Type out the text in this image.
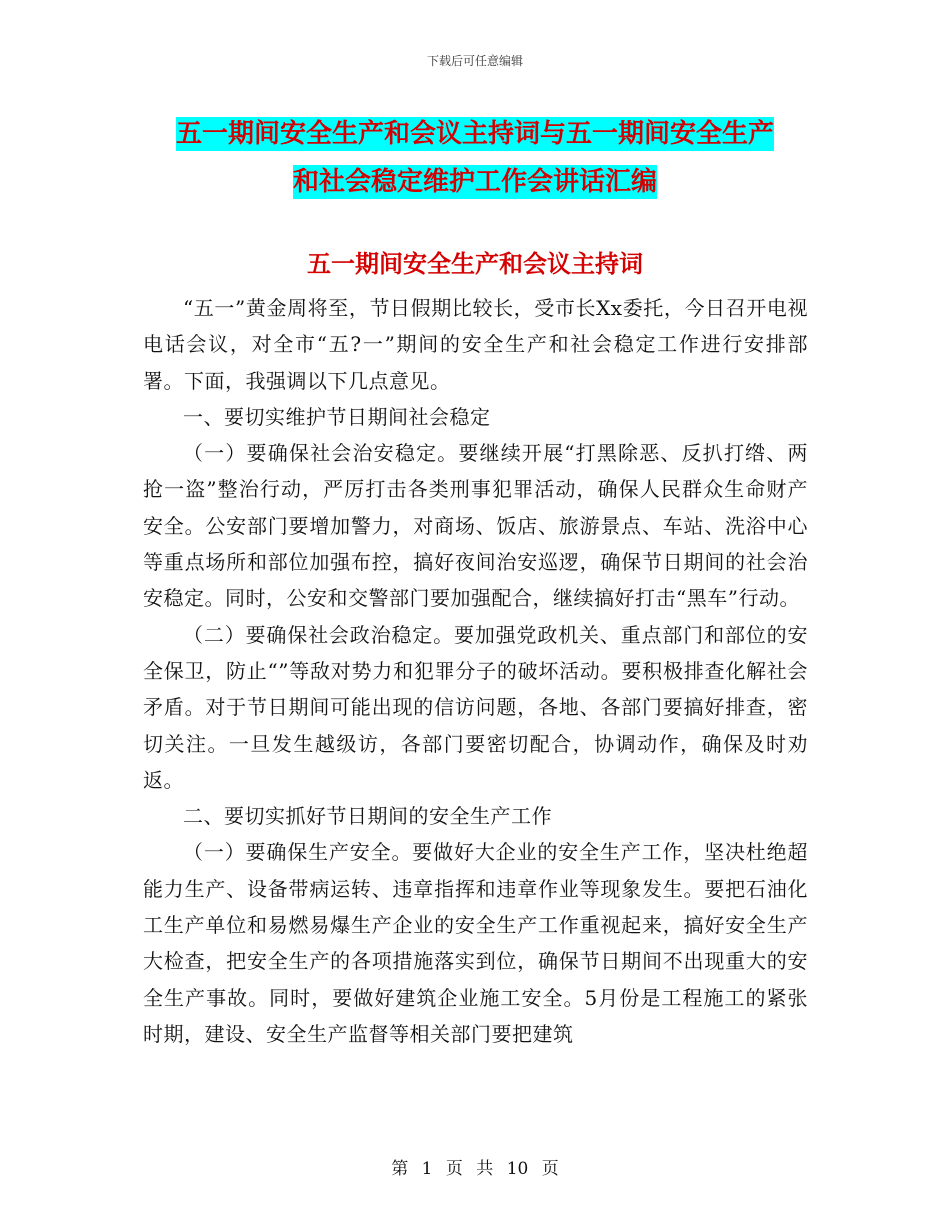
下载后可任意编辑
五一期间安全生产和会议主持词与五一期间安全生产
和社会稳定维护工作会讲话汇编
五一期间安全生产和会议主持词

“五一”黄金周将至，节日假期比较长，受市长Xx委托，今日召开电视电话会议，对全市“五?一”期间的安全生产和社会稳定工作进行安排部署。下面，我强调以下几点意见。

一、要切实维护节日期间社会稳定

（一）要确保社会治安稳定。要继续开展“打黑除恶、反扒打绺、两抢一盗”整治行动，严厉打击各类刑事犯罪活动，确保人民群众生命财产安全。公安部门要增加警力，对商场、饭店、旅游景点、车站、洗浴中心等重点场所和部位加强布控，搞好夜间治安巡逻，确保节日期间的社会治安稳定。同时，公安和交警部门要加强配合，继续搞好打击“黑车”行动。

（二）要确保社会政治稳定。要加强党政机关、重点部门和部位的安全保卫，防止“”等敌对势力和犯罪分子的破坏活动。要积极排查化解社会矛盾。对于节日期间可能出现的信访问题，各地、各部门要搞好排查，密切关注。一旦发生越级访，各部门要密切配合，协调动作，确保及时劝返。

二、要切实抓好节日期间的安全生产工作

（一）要确保生产安全。要做好大企业的安全生产工作，坚决杜绝超能力生产、设备带病运转、违章指挥和违章作业等现象发生。要把石油化工生产单位和易燃易爆生产企业的安全生产工作重视起来，搞好安全生产大检查，把安全生产的各项措施落实到位，确保节日期间不出现重大的安全生产事故。同时，要做好建筑企业施工安全。5月份是工程施工的紧张时期，建设、安全生产监督等相关部门要把建筑

第 1 页 共 10 页
